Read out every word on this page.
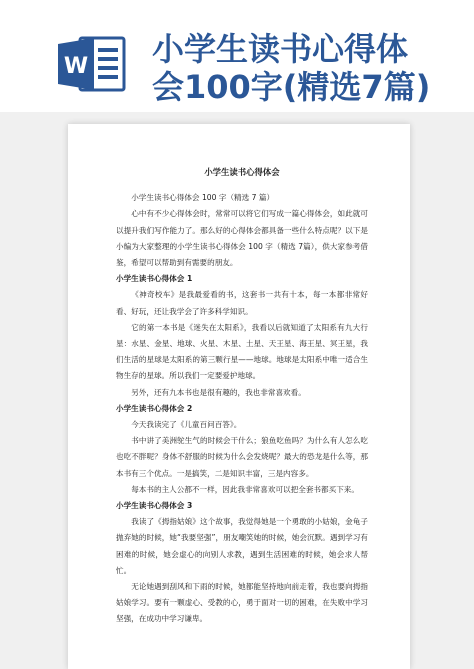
W 小学生读书心得体
会100字(精选7篇)
小学生读书心得体会

小学生读书心得体会 100 字（精选 7 篇）

心中有不少心得体会时，常常可以将它们写成一篇心得体会，如此就可以提升我们写作能力了。那么好的心得体会都具备一些什么特点呢？以下是小编为大家整理的小学生读书心得体会 100 字（精选 7篇），供大家参考借鉴，希望可以帮助到有需要的朋友。

小学生读书心得体会 1

《神奇校车》是我最爱看的书，这套书一共有十本，每一本都非常好看、好玩，还让我学会了许多科学知识。

它的第一本书是《迷失在太阳系》，我看以后就知道了太阳系有九大行星：水星、金星、地球、火星、木星、土星、天王星、海王星、冥王星，我们生活的星球是太阳系的第三颗行星——地球。地球是太阳系中唯一适合生物生存的星球。所以我们一定要爱护地球。

另外，还有九本书也是很有趣的，我也非常喜欢看。

小学生读书心得体会 2

今天我读完了《儿童百问百答》。

书中讲了美洲鸵生气的时候会干什么；狼鱼吃鱼吗？为什么有人怎么吃也吃不胖呢？身体不舒服的时候为什么会发烧呢？最大的恐龙是什么等，那本书有三个优点。一是搞笑，二是知识丰富，三是内容多。

每本书的主人公都不一样，因此我非常喜欢可以把全套书都买下来。

小学生读书心得体会 3

我读了《拇指姑娘》这个故事，我觉得她是一个勇敢的小姑娘，金龟子抛弃她的时候，她“我要坚强”，朋友嘲笑她的时候，她会沉默。遇到学习有困难的时候，她会虚心的向别人求教，遇到生活困难的时候，她会求人帮忙。

无论她遇到刮风和下雨的时候，她都能坚持地向前走着，我也要向拇指姑娘学习。要有一颗虚心、受教的心，勇于面对一切的困难，在失败中学习坚强，在成功中学习谦卑。
